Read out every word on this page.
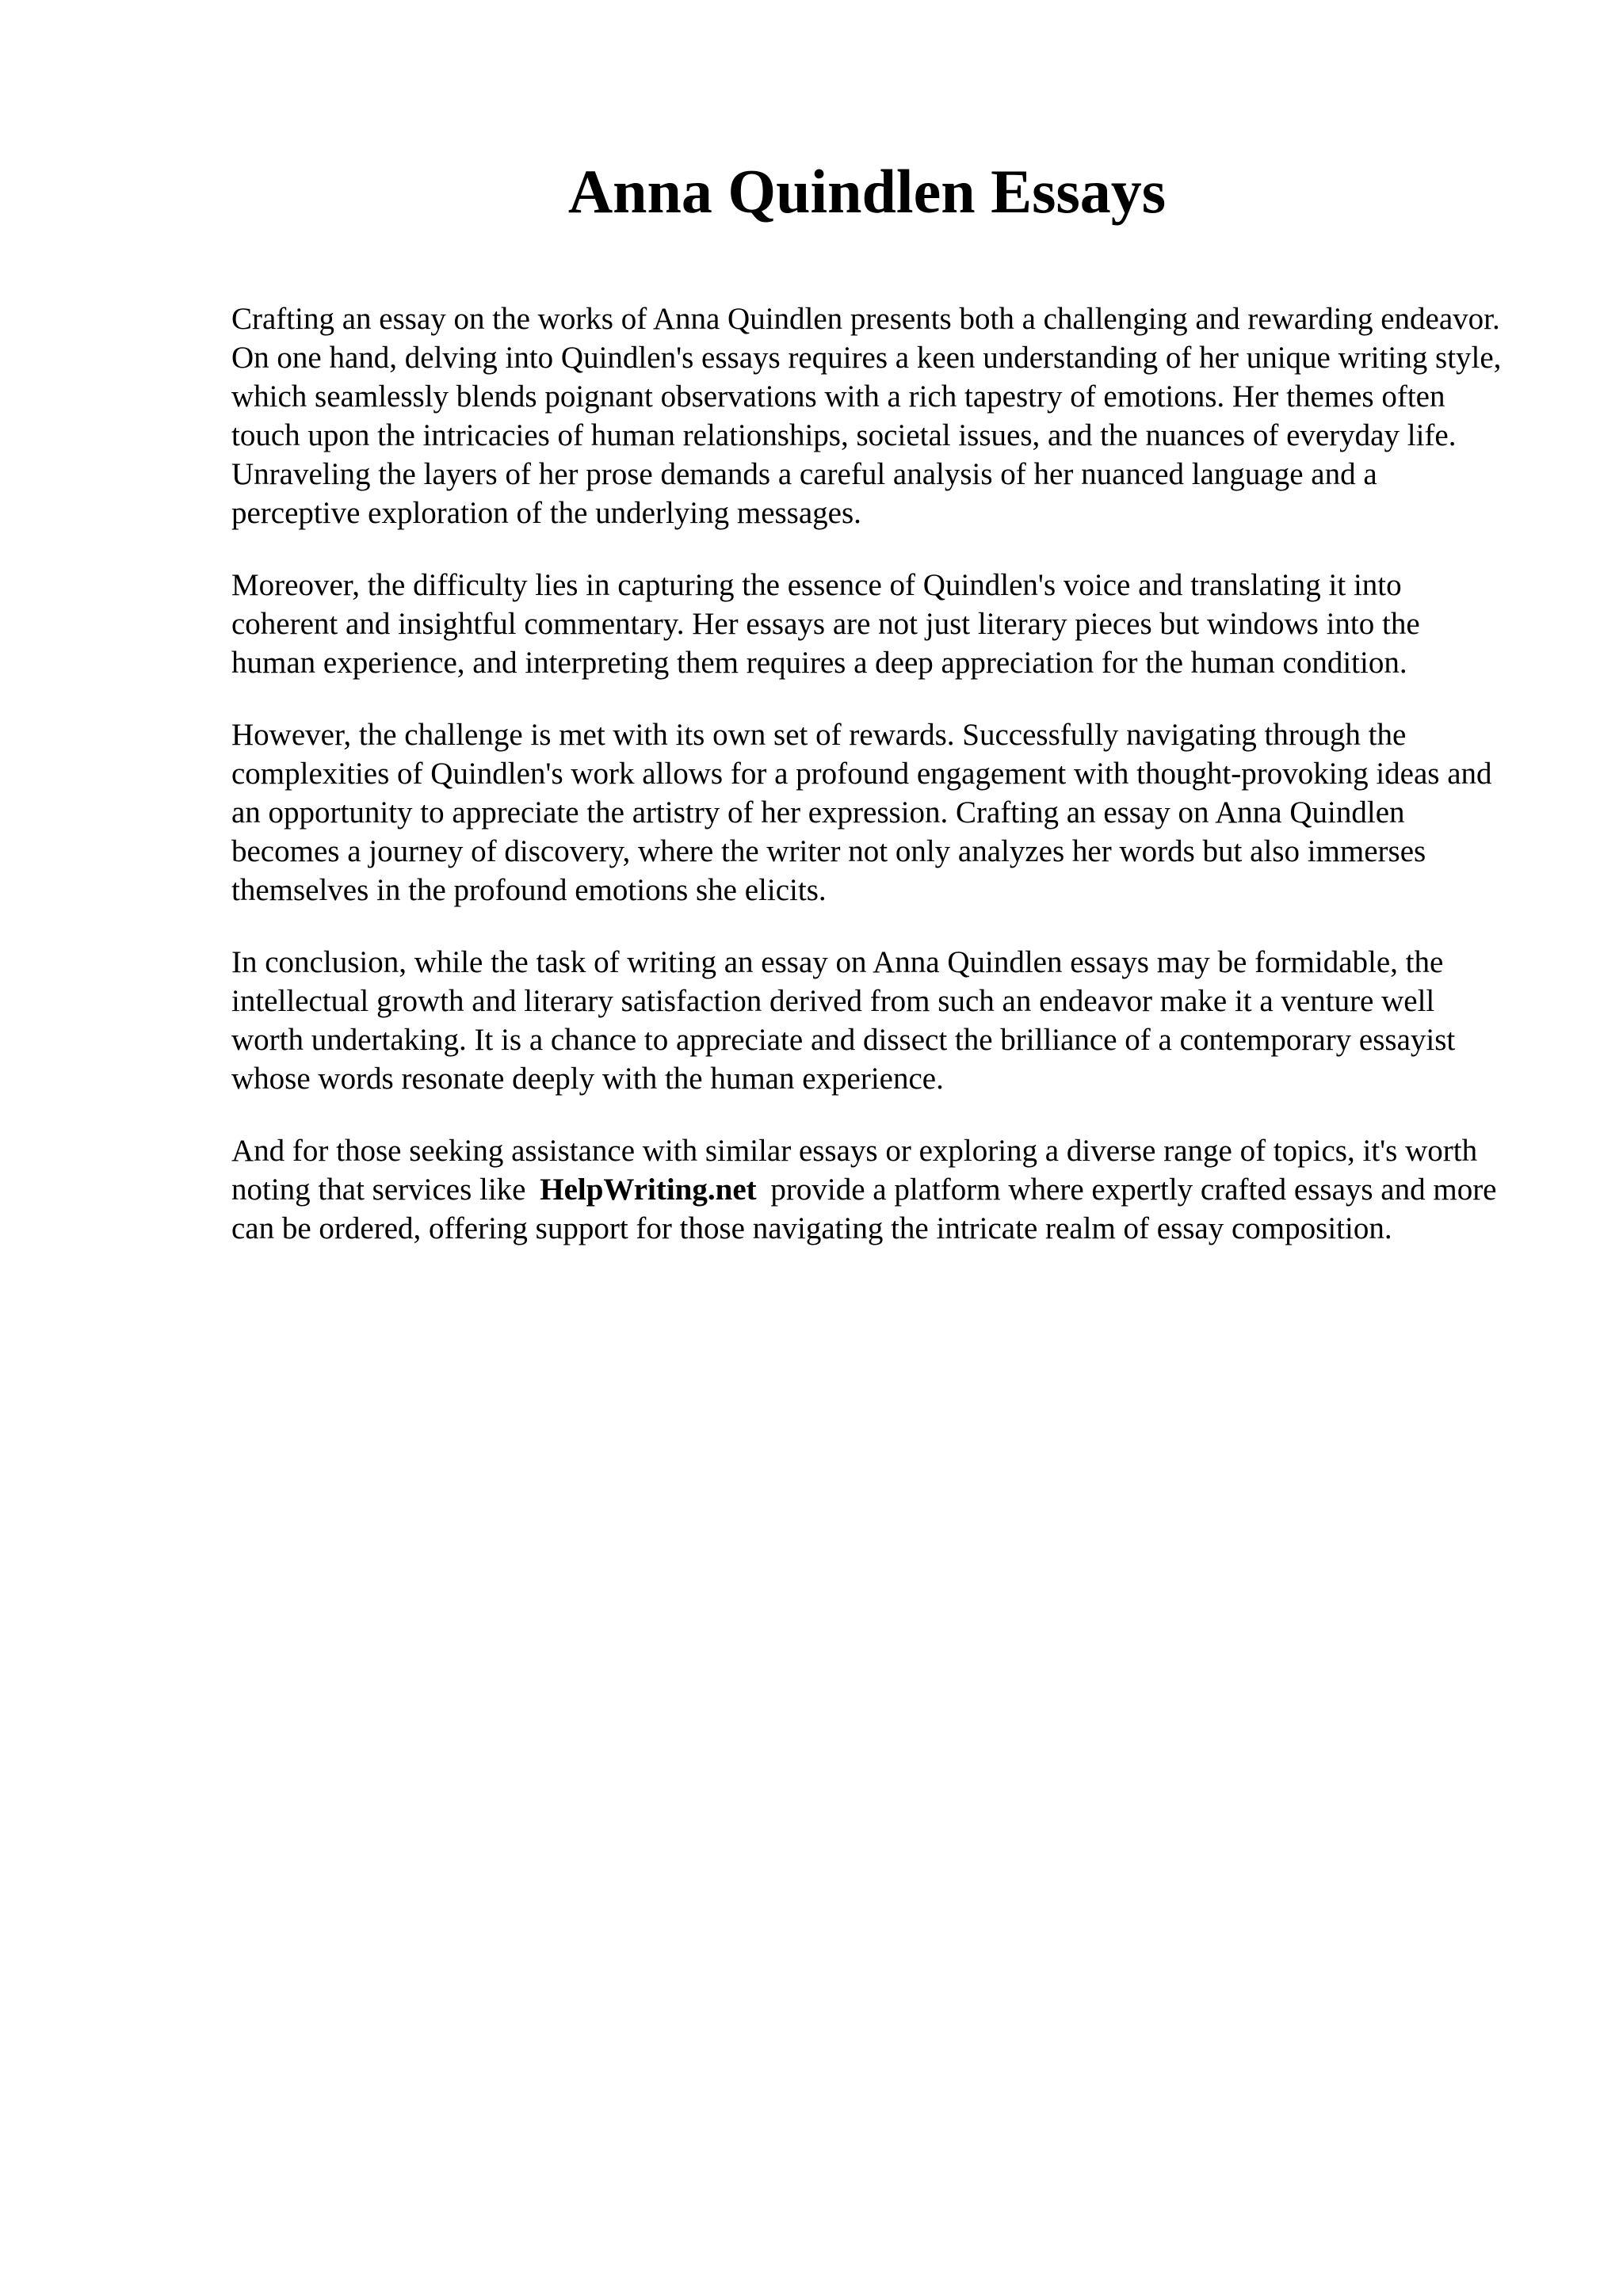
Anna Quindlen Essays

Crafting an essay on the works of Anna Quindlen presents both a challenging and rewarding endeavor. On one hand, delving into Quindlen's essays requires a keen understanding of her unique writing style, which seamlessly blends poignant observations with a rich tapestry of emotions. Her themes often touch upon the intricacies of human relationships, societal issues, and the nuances of everyday life. Unraveling the layers of her prose demands a careful analysis of her nuanced language and a perceptive exploration of the underlying messages.

Moreover, the difficulty lies in capturing the essence of Quindlen's voice and translating it into coherent and insightful commentary. Her essays are not just literary pieces but windows into the human experience, and interpreting them requires a deep appreciation for the human condition.

However, the challenge is met with its own set of rewards. Successfully navigating through the complexities of Quindlen's work allows for a profound engagement with thought-provoking ideas and an opportunity to appreciate the artistry of her expression. Crafting an essay on Anna Quindlen becomes a journey of discovery, where the writer not only analyzes her words but also immerses themselves in the profound emotions she elicits.

In conclusion, while the task of writing an essay on Anna Quindlen essays may be formidable, the intellectual growth and literary satisfaction derived from such an endeavor make it a venture well worth undertaking. It is a chance to appreciate and dissect the brilliance of a contemporary essayist whose words resonate deeply with the human experience.

And for those seeking assistance with similar essays or exploring a diverse range of topics, it's worth noting that services like HelpWriting.net provide a platform where expertly crafted essays and more can be ordered, offering support for those navigating the intricate realm of essay composition.
